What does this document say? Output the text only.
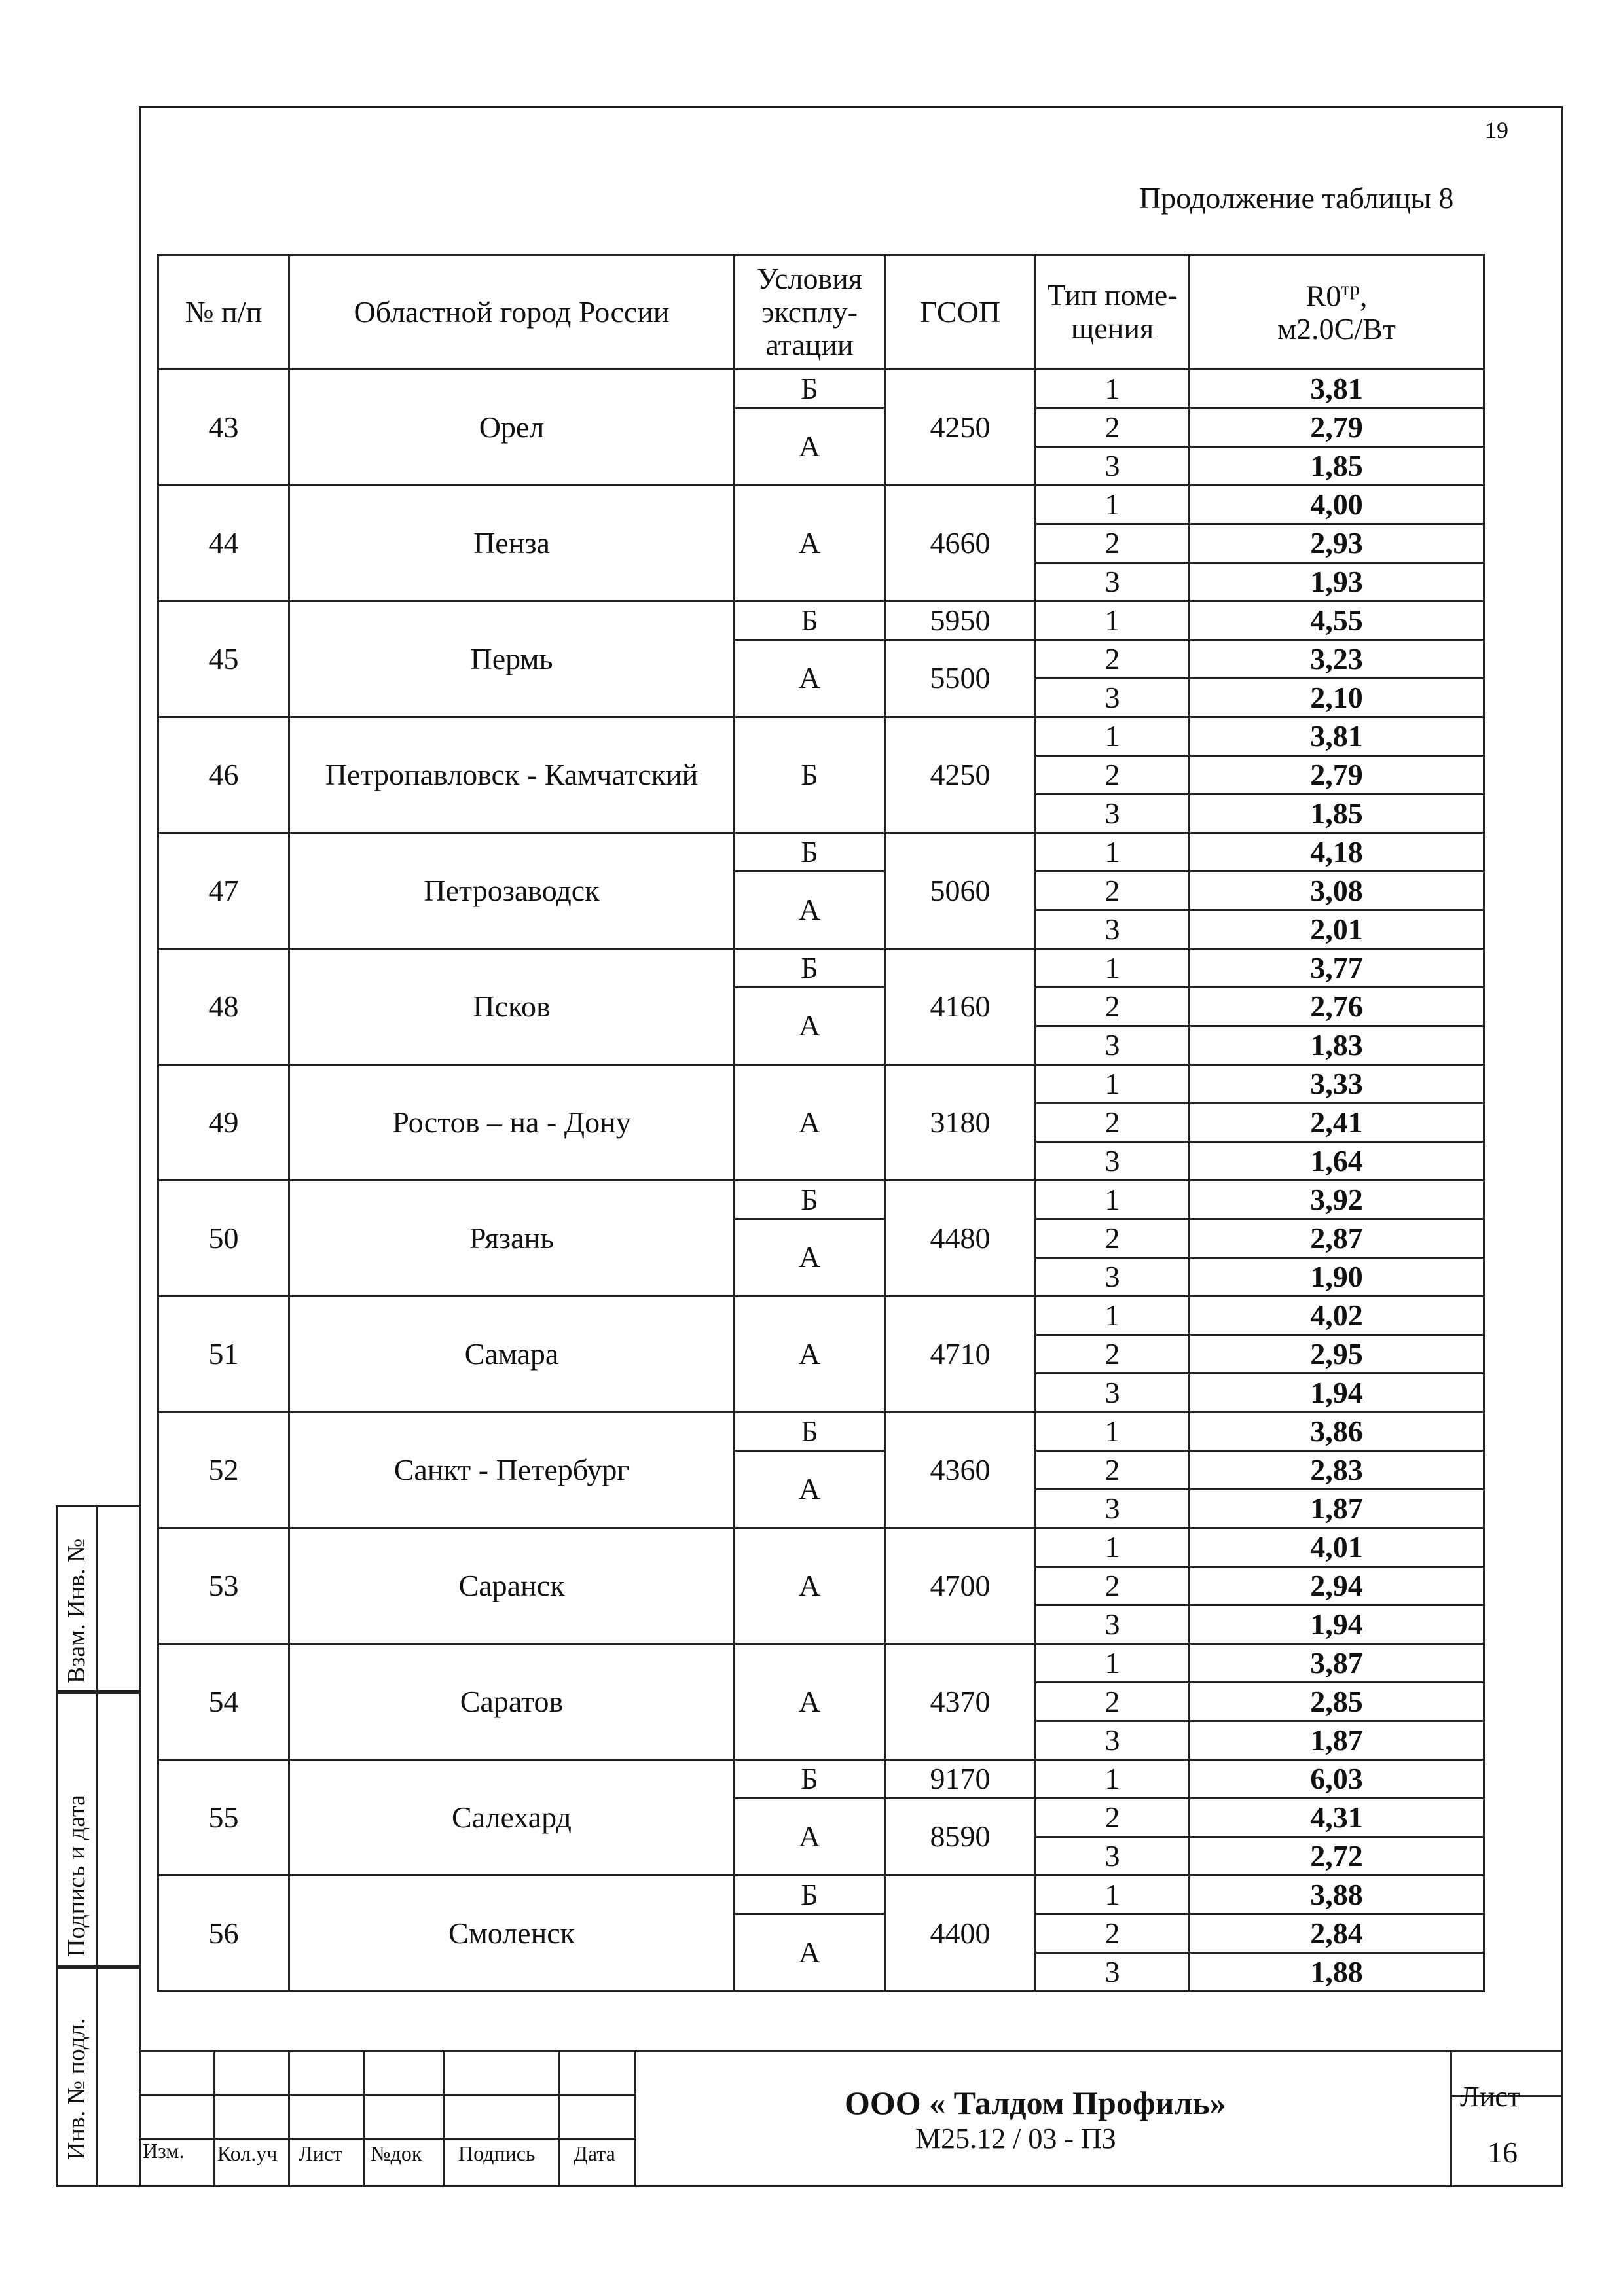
19
Продолжение таблицы 8
№ п/п	Областной город России	Условия эксплу-атации	ГСОП	Тип поме-щения	$R0^{тр}$,
м2.0С/Вт
43	Орел	Б	4250	1	3,81
		А		2	2,79
				3	1,85
44	Пенза	А	4660	1	4,00
				2	2,93
				3	1,93
45	Пермь	Б	5950	1	4,55
		А	5500	2	3,23
				3	2,10
46	Петропавловск - Камчатский	Б	4250	1	3,81
				2	2,79
				3	1,85
47	Петрозаводск	Б	5060	1	4,18
		А		2	3,08
				3	2,01
48	Псков	Б	4160	1	3,77
		А		2	2,76
				3	1,83
49	Ростов – на - Дону	А	3180	1	3,33
				2	2,41
				3	1,64
50	Рязань	Б	4480	1	3,92
		А		2	2,87
				3	1,90
51	Самара	А	4710	1	4,02
				2	2,95
				3	1,94
52	Санкт - Петербург	Б	4360	1	3,86
		А		2	2,83
				3	1,87
53	Саранск	А	4700	1	4,01
				2	2,94
				3	1,94
54	Саратов	А	4370	1	3,87
				2	2,85
				3	1,87
55	Салехард	Б	9170	1	6,03
		А	8590	2	4,31
				3	2,72
56	Смоленск	Б	4400	1	3,88
		А		2	2,84
				3	1,88
Взам. Инв. №
Подпись и дата
Инв. № подл.	Изм. Кол.уч Лист №док Подпись Дата
ООО « Талдом Профиль»
М25.12 / 03 - ПЗ
Лист
16
